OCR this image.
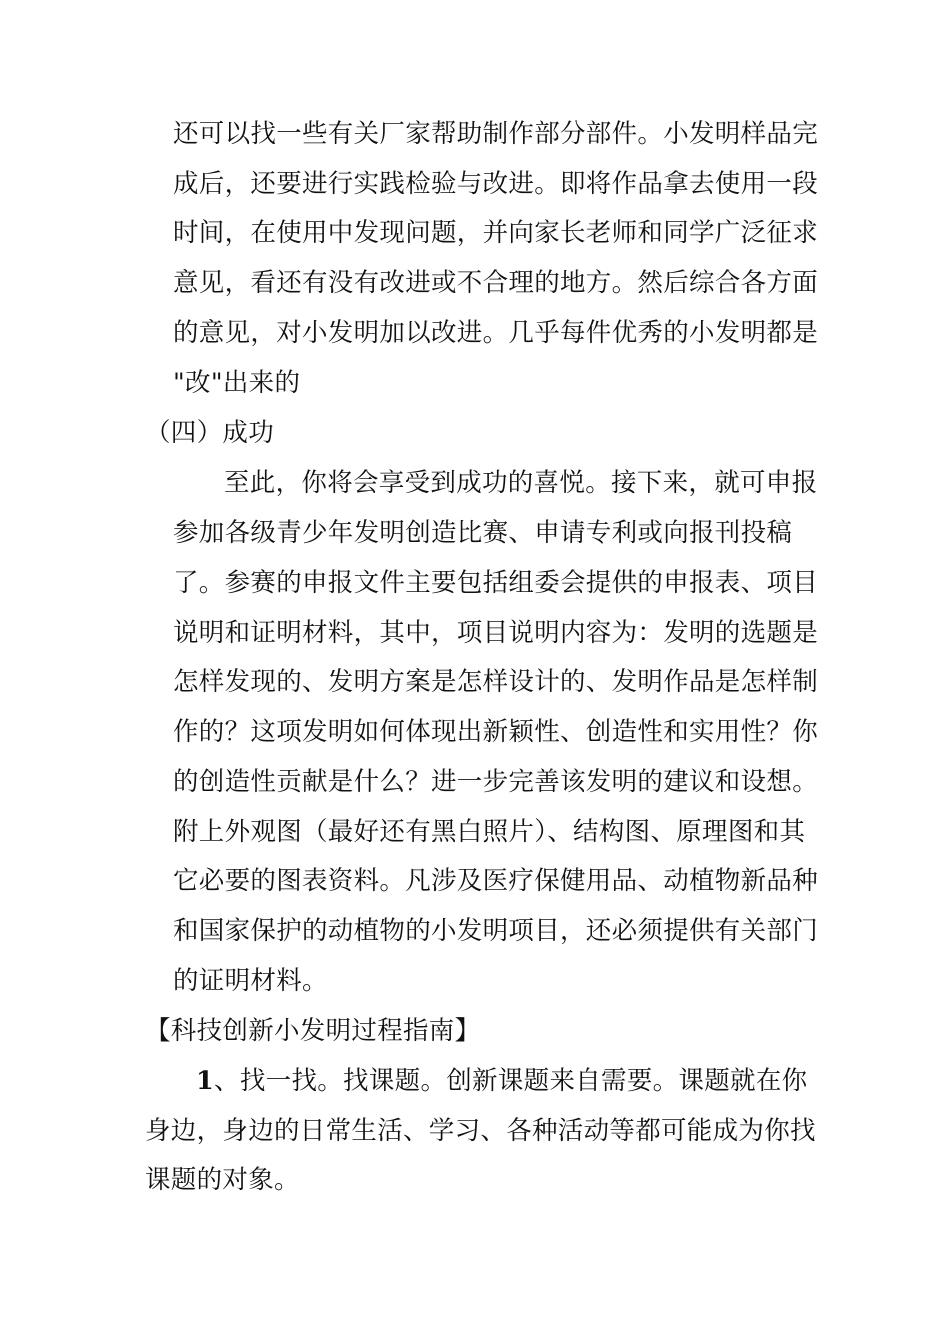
还可以找一些有关厂家帮助制作部分部件。小发明样品完
成后，还要进行实践检验与改进。即将作品拿去使用一段
时间，在使用中发现问题，并向家长老师和同学广泛征求
意见，看还有没有改进或不合理的地方。然后综合各方面
的意见，对小发明加以改进。几乎每件优秀的小发明都是
"改"出来的
（四）成功
至此，你将会享受到成功的喜悦。接下来，就可申报
参加各级青少年发明创造比赛、申请专利或向报刊投稿
了。参赛的申报文件主要包括组委会提供的申报表、项目
说明和证明材料，其中，项目说明内容为：发明的选题是
怎样发现的、发明方案是怎样设计的、发明作品是怎样制
作的？这项发明如何体现出新颖性、创造性和实用性？你
的创造性贡献是什么？进一步完善该发明的建议和设想。
附上外观图（最好还有黑白照片）、结构图、原理图和其
它必要的图表资料。凡涉及医疗保健用品、动植物新品种
和国家保护的动植物的小发明项目，还必须提供有关部门
的证明材料。
【科技创新小发明过程指南】
1、找一找。找课题。创新课题来自需要。课题就在你
身边，身边的日常生活、学习、各种活动等都可能成为你找
课题的对象。
